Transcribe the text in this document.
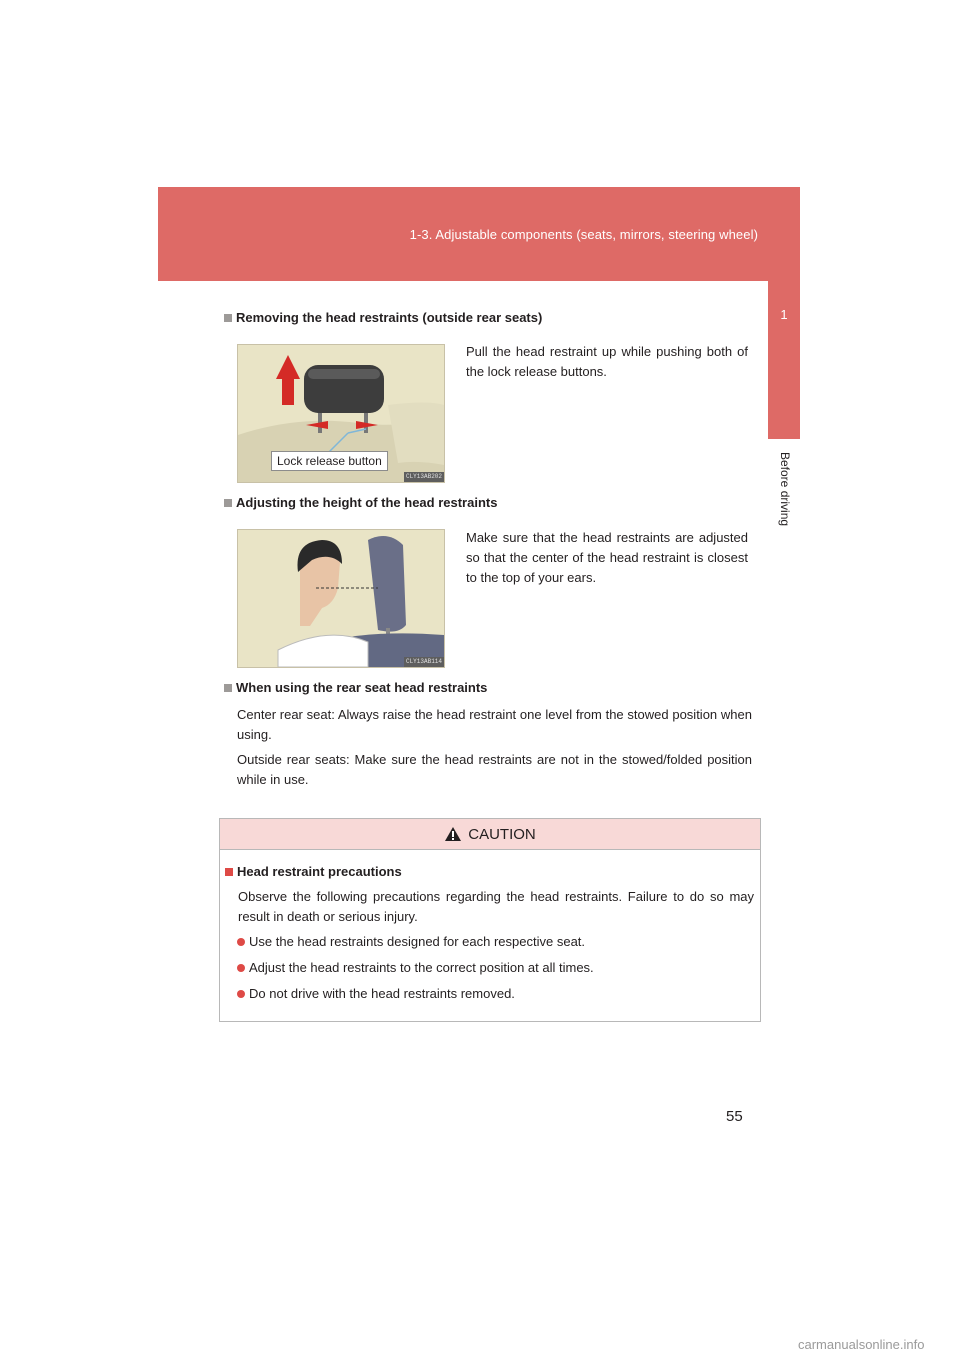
1-3. Adjustable components (seats, mirrors, steering wheel)
1
Before driving
Removing the head restraints (outside rear seats)
Lock release button
CLY13AB202
Pull the head restraint up while pushing both of the lock release buttons.
Adjusting the height of the head restraints
CLY13AB114
Make sure that the head restraints are adjusted so that the center of the head restraint is closest to the top of your ears.
When using the rear seat head restraints
Center rear seat: Always raise the head restraint one level from the stowed position when using.
Outside rear seats: Make sure the head restraints are not in the stowed/folded position while in use.
CAUTION
Head restraint precautions
Observe the following precautions regarding the head restraints. Failure to do so may result in death or serious injury.
Use the head restraints designed for each respective seat.
Adjust the head restraints to the correct position at all times.
Do not drive with the head restraints removed.
55
carmanualsonline.info
